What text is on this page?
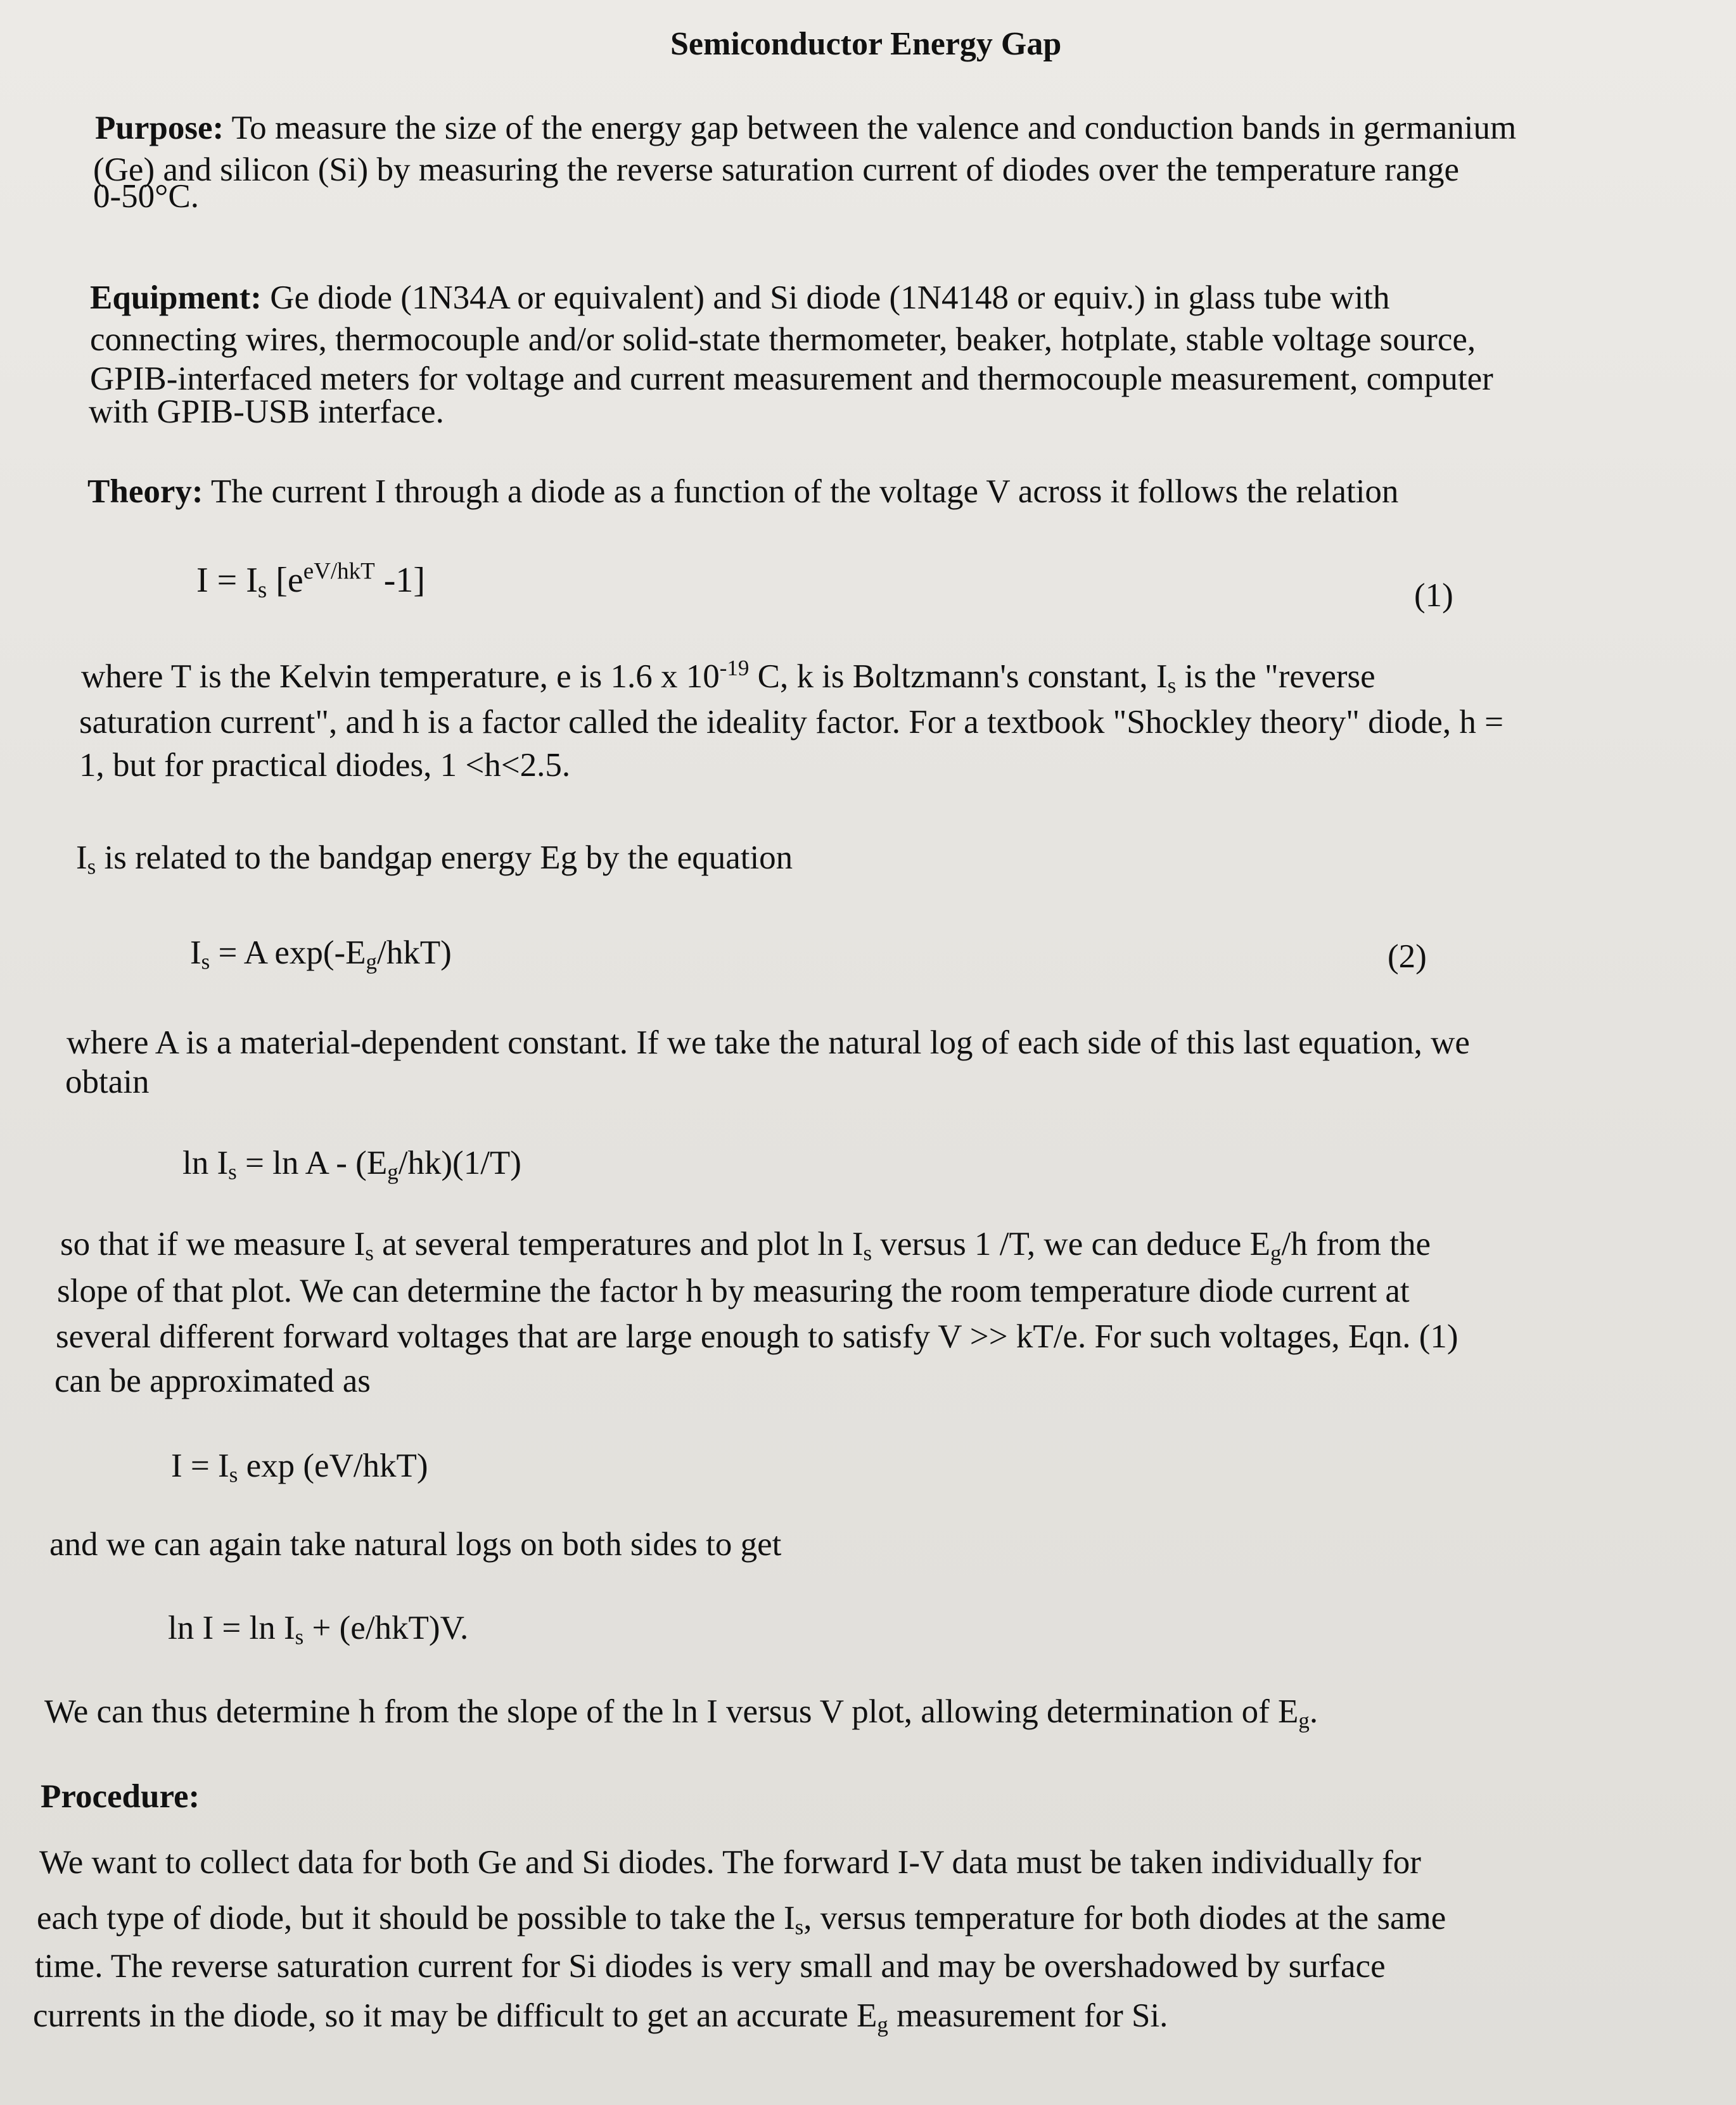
Semiconductor Energy Gap
Purpose: To measure the size of the energy gap between the valence and conduction bands in germanium
(Ge) and silicon (Si) by measuring the reverse saturation current of diodes over the temperature range
0-50°C.
Equipment: Ge diode (1N34A or equivalent) and Si diode (1N4148 or equiv.) in glass tube with
connecting wires, thermocouple and/or solid-state thermometer, beaker, hotplate, stable voltage source,
GPIB-interfaced meters for voltage and current measurement and thermocouple measurement, computer
with GPIB-USB interface.
Theory: The current I through a diode as a function of the voltage V across it follows the relation
$I = I_s$ [$e^{eV/hkT}$ -1]	(1)
where T is the Kelvin temperature, e is 1.6 x $10^{-19}$ C, k is Boltzmann's constant, $I_s$ is the "reverse
saturation current", and h is a factor called the ideality factor. For a textbook "Shockley theory" diode, h =
1, but for practical diodes, 1 <h<2.5.
$I_s$ is related to the bandgap energy Eg by the equation
$I_s = A$ $\exp(-E_g/hkT)$	(2)
where A is a material-dependent constant. If we take the natural log of each side of this last equation, we
obtain
$\ln I_s = \ln A - (E_g/hk)(1/T)$
so that if we measure $I_s$ at several temperatures and plot $\ln I_s$ versus 1 /T, we can deduce $E_g/h$ from the
slope of that plot. We can determine the factor h by measuring the room temperature diode current at
several different forward voltages that are large enough to satisfy V >> kT/e. For such voltages, Eqn. (1)
can be approximated as
$I = I_s$ exp (eV/hkT)
and we can again take natural logs on both sides to get
$\ln I = \ln I_s + (e/hkT)V$.
We can thus determine h from the slope of the ln I versus V plot, allowing determination of $E_g$.
Procedure:
We want to collect data for both Ge and Si diodes. The forward I-V data must be taken individually for
each type of diode, but it should be possible to take the $I_s$, versus temperature for both diodes at the same
time. The reverse saturation current for Si diodes is very small and may be overshadowed by surface
currents in the diode, so it may be difficult to get an accurate $E_g$ measurement for Si.
